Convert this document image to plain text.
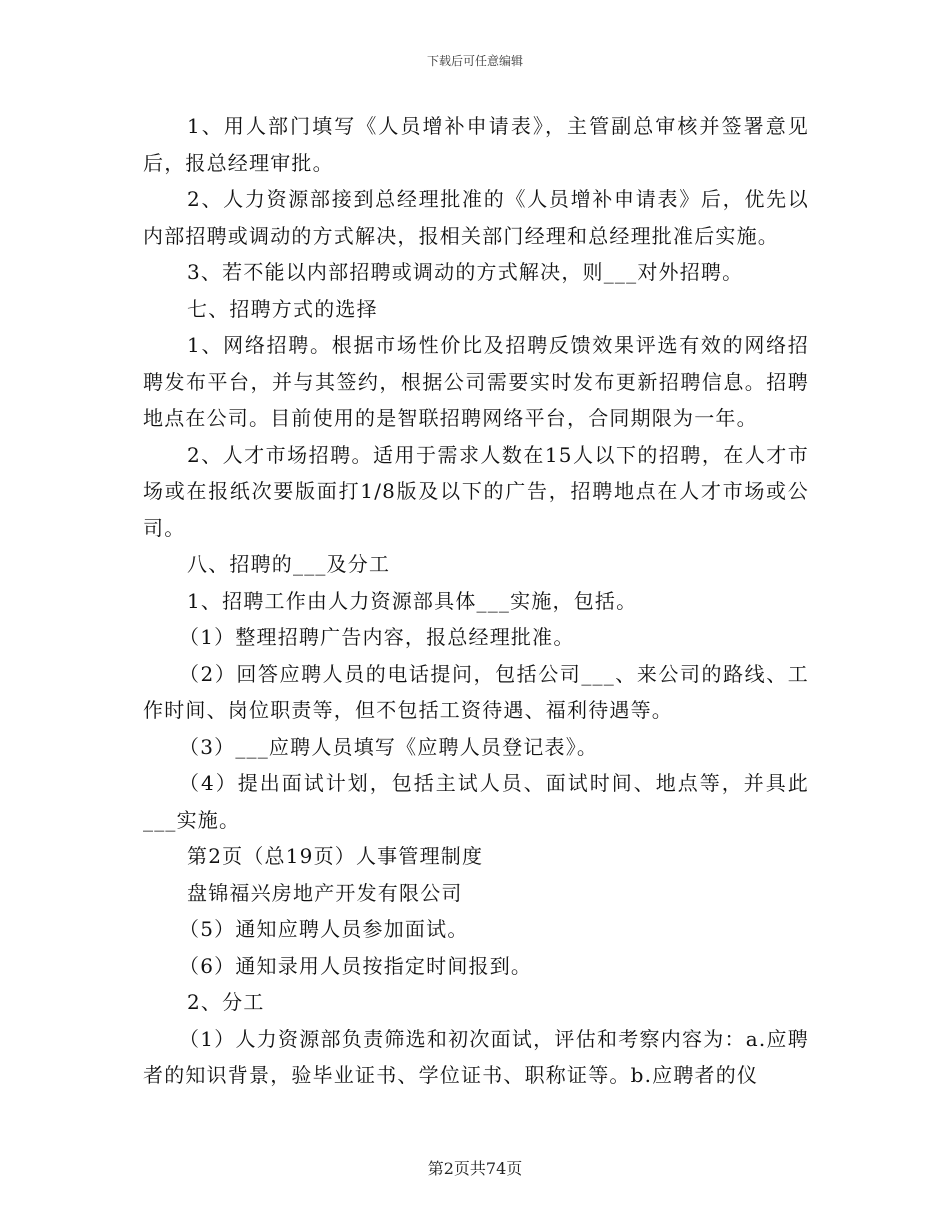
下载后可任意编辑

1、用人部门填写《人员增补申请表》，主管副总审核并签署意见后，报总经理审批。

2、人力资源部接到总经理批准的《人员增补申请表》后，优先以内部招聘或调动的方式解决，报相关部门经理和总经理批准后实施。

3、若不能以内部招聘或调动的方式解决，则___对外招聘。

七、招聘方式的选择

1、网络招聘。根据市场性价比及招聘反馈效果评选有效的网络招聘发布平台，并与其签约，根据公司需要实时发布更新招聘信息。招聘地点在公司。目前使用的是智联招聘网络平台，合同期限为一年。

2、人才市场招聘。适用于需求人数在15人以下的招聘，在人才市场或在报纸次要版面打1/8版及以下的广告，招聘地点在人才市场或公司。

八、招聘的___及分工

1、招聘工作由人力资源部具体___实施，包括。

（1）整理招聘广告内容，报总经理批准。

（2）回答应聘人员的电话提问，包括公司___、来公司的路线、工作时间、岗位职责等，但不包括工资待遇、福利待遇等。

（3）___应聘人员填写《应聘人员登记表》。

（4）提出面试计划，包括主试人员、面试时间、地点等，并具此___实施。

第2页（总19页）人事管理制度

盘锦福兴房地产开发有限公司

（5）通知应聘人员参加面试。

（6）通知录用人员按指定时间报到。

2、分工

（1）人力资源部负责筛选和初次面试，评估和考察内容为：a.应聘者的知识背景，验毕业证书、学位证书、职称证等。b.应聘者的仪

第2页共74页
